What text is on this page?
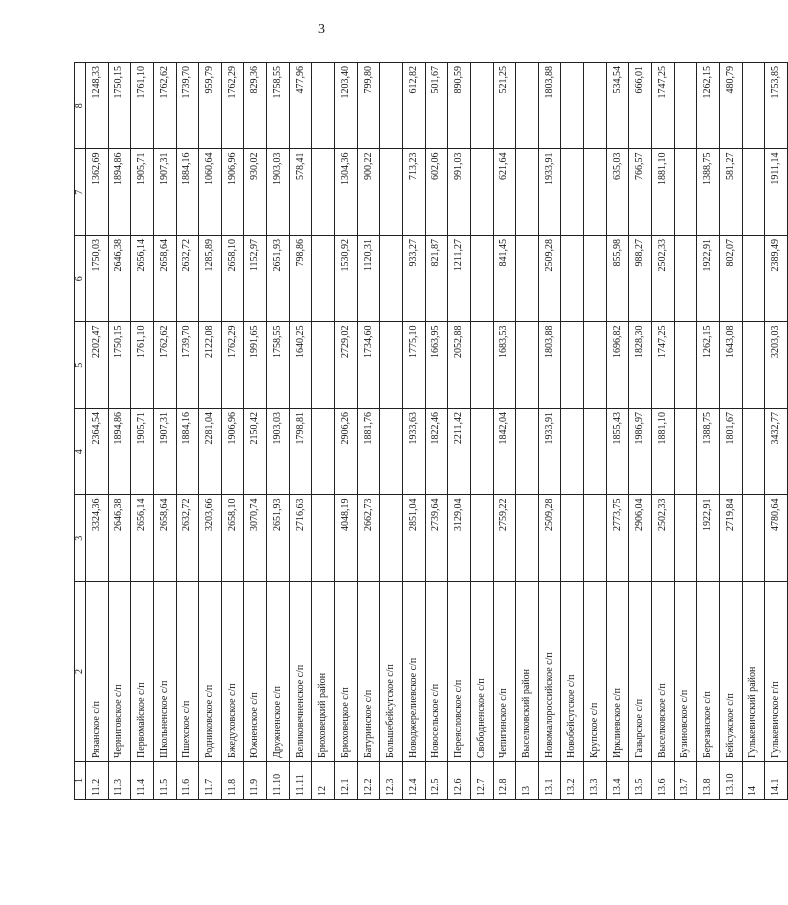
3
1	2	3	4	5	6	7	8
11.2	Рязанское с/п	3324,36	2364,54	2202,47	1750,03	1362,69	1248,33
11.3	Черниговское с/п	2646,38	1894,86	1750,15	2646,38	1894,86	1750,15
11.4	Первомайское с/п	2656,14	1905,71	1761,10	2656,14	1905,71	1761,10
11.5	Школьненское с/п	2658,64	1907,31	1762,62	2658,64	1907,31	1762,62
11.6	Пшехское с/п	2632,72	1884,16	1739,70	2632,72	1884,16	1739,70
11.7	Родниковское с/п	3203,66	2281,04	2122,08	1285,89	1060,64	959,79
11.8	Бжедуховское с/п	2658,10	1906,96	1762,29	2658,10	1906,96	1762,29
11.9	Южненское с/п	3070,74	2150,42	1991,65	1152,97	930,02	829,36
11.10	Дружненское с/п	2651,93	1903,03	1758,55	2651,93	1903,03	1758,55
11.11	Великовечненское с/п	2716,63	1798,81	1640,25	798,86	578,41	477,96
12	Брюховецкий район						
12.1	Брюховецкое с/п	4048,19	2906,26	2729,02	1530,92	1304,36	1203,40
12.2	Батуринское с/п	2662,73	1881,76	1734,60	1120,31	900,22	799,80
12.3	Большебейсугское с/п						
12.4	Новоджерелиевское с/п	2851,04	1933,63	1775,10	933,27	713,23	612,82
12.5	Новосельское с/п	2739,64	1822,46	1663,95	821,87	602,06	501,67
12.6	Переясловское с/п	3129,04	2211,42	2052,88	1211,27	991,03	890,59
12.7	Свободненское с/п						
12.8	Чепигинское с/п	2759,22	1842,04	1683,53	841,45	621,64	521,25
13	Выселковский район						
13.1	Новомалороссийское с/п	2509,28	1933,91	1803,88	2509,28	1933,91	1803,88
13.2	Новобейсугское с/п						
13.3	Крупское с/п						
13.4	Ирклиевское с/п	2773,75	1855,43	1696,82	855,98	635,03	534,54
13.5	Газырское с/п	2906,04	1986,97	1828,30	988,27	766,57	666,01
13.6	Выселковское с/п	2502,33	1881,10	1747,25	2502,33	1881,10	1747,25
13.7	Бузиновское с/п						
13.8	Березанское с/п	1922,91	1388,75	1262,15	1922,91	1388,75	1262,15
13.10	Бейсужское с/п	2719,84	1801,67	1643,08	802,07	581,27	480,79
14	Гулькевичский район						
14.1	Гулькевичское г/п	4780,64	3432,77	3203,03	2389,49	1911,14	1753,85
